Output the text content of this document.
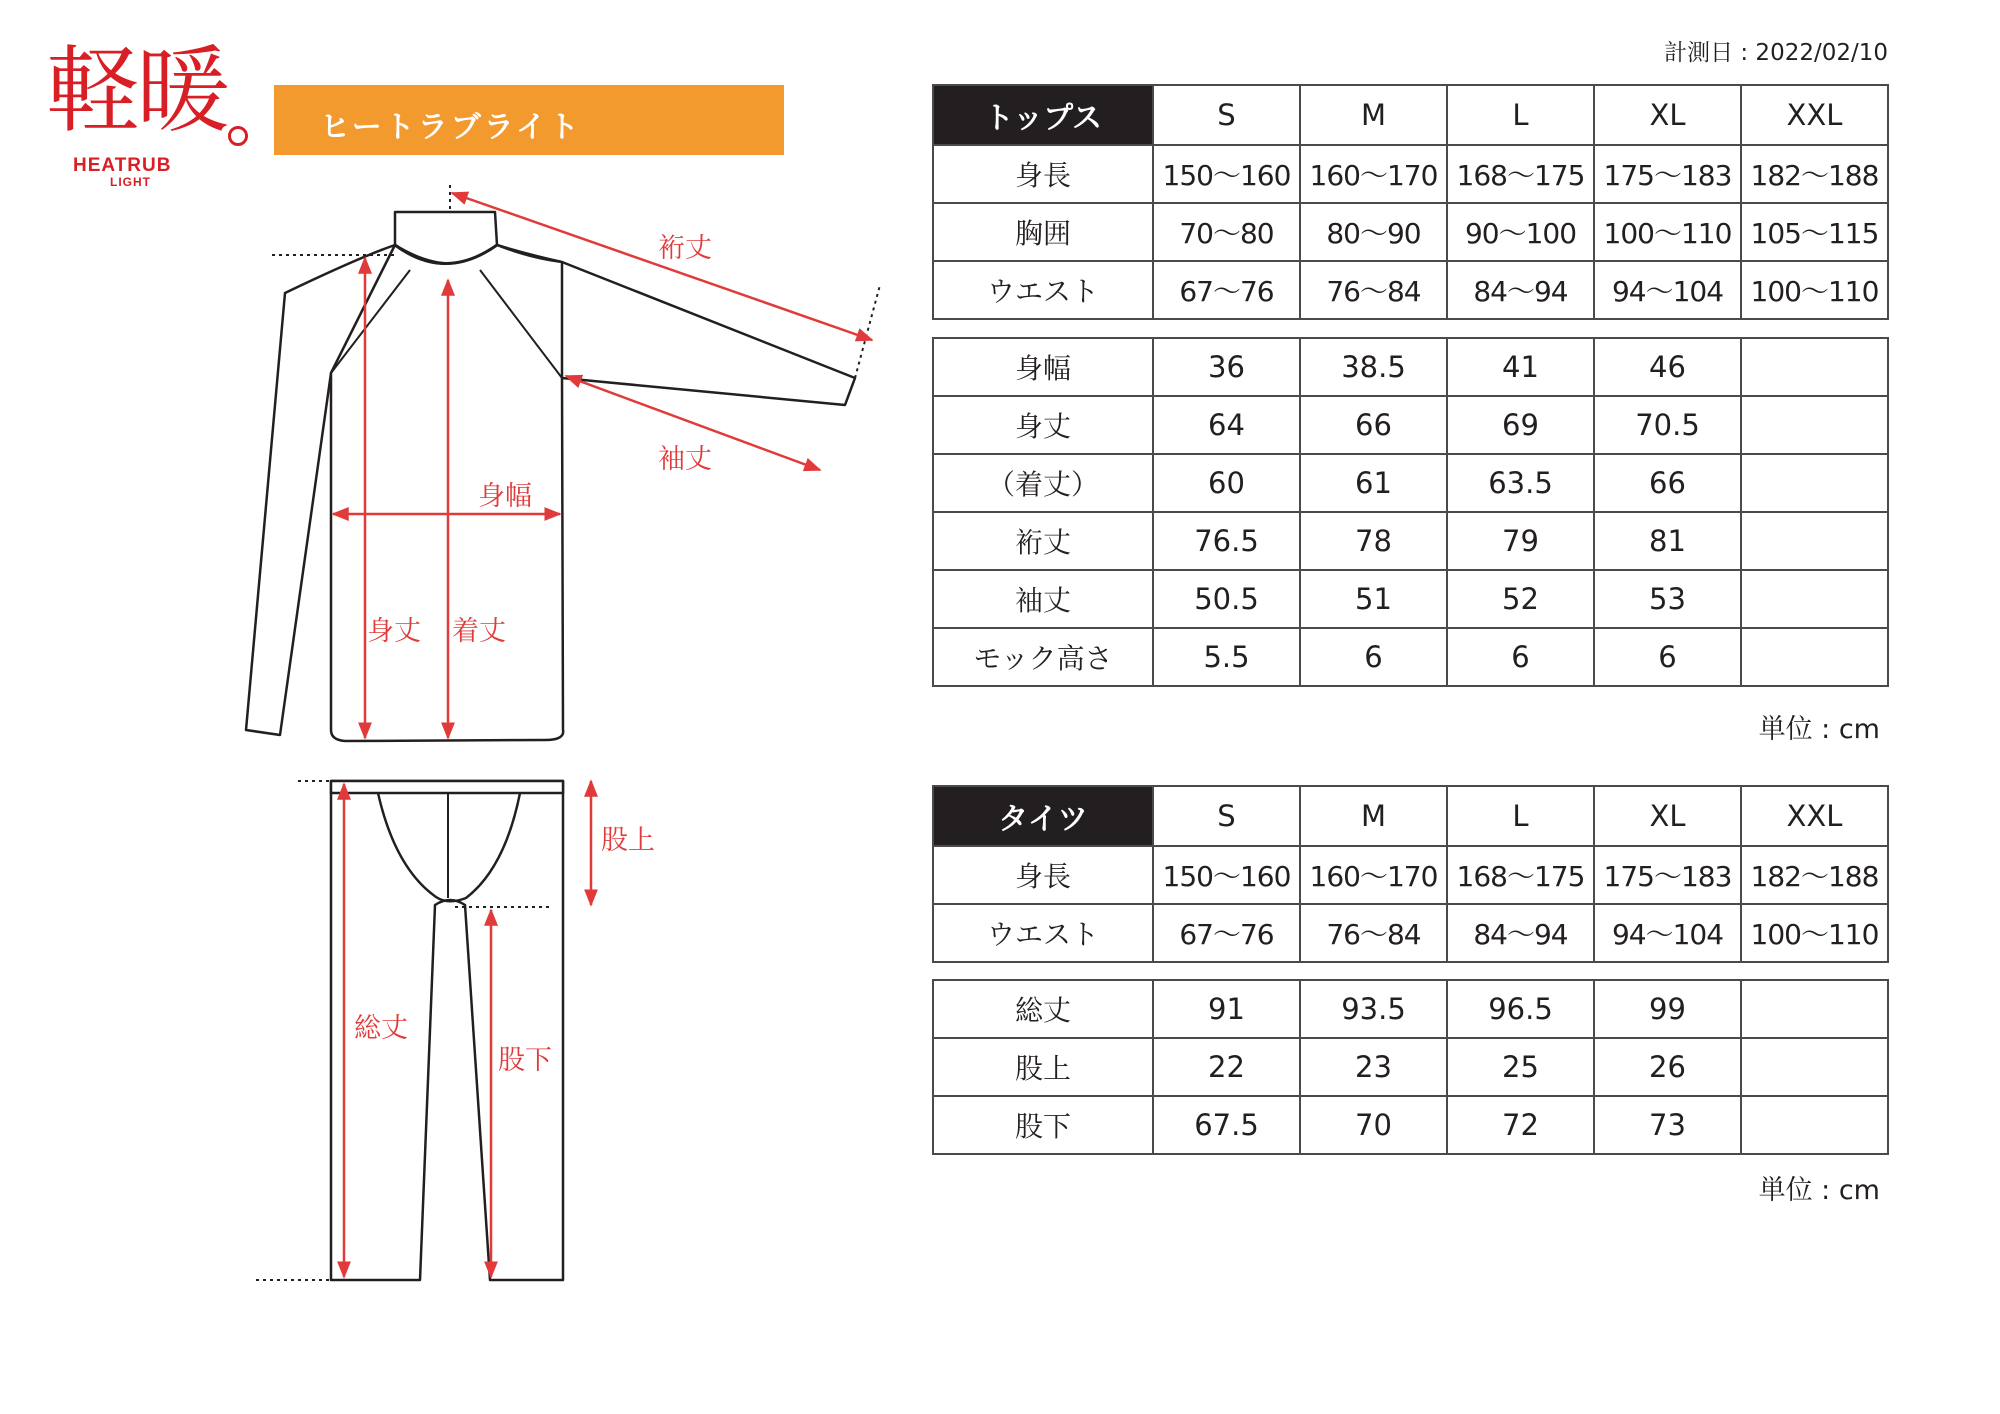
計測日 : 2022/02/10
軽暖
HEATRUB
LIGHT
ヒートラブライト
裄丈
袖丈
身幅
身丈 着丈
股上
総丈
股下
トップス	S	M	L	XL	XXL
身長	150〜160	160〜170	168〜175	175〜183	182〜188
胸囲	70〜80	80〜90	90〜100	100〜110	105〜115
ウエスト	67〜76	76〜84	84〜94	94〜104	100〜110
身幅	36	38.5	41	46	
身丈	64	66	69	70.5	
（着丈）	60	61	63.5	66	
裄丈	76.5	78	79	81	
袖丈	50.5	51	52	53	
モック高さ	5.5	6	6	6	
単位 : cm
タイツ	S	M	L	XL	XXL
身長	150〜160	160〜170	168〜175	175〜183	182〜188
ウエスト	67〜76	76〜84	84〜94	94〜104	100〜110
総丈	91	93.5	96.5	99	
股上	22	23	25	26	
股下	67.5	70	72	73	
単位 : cm
